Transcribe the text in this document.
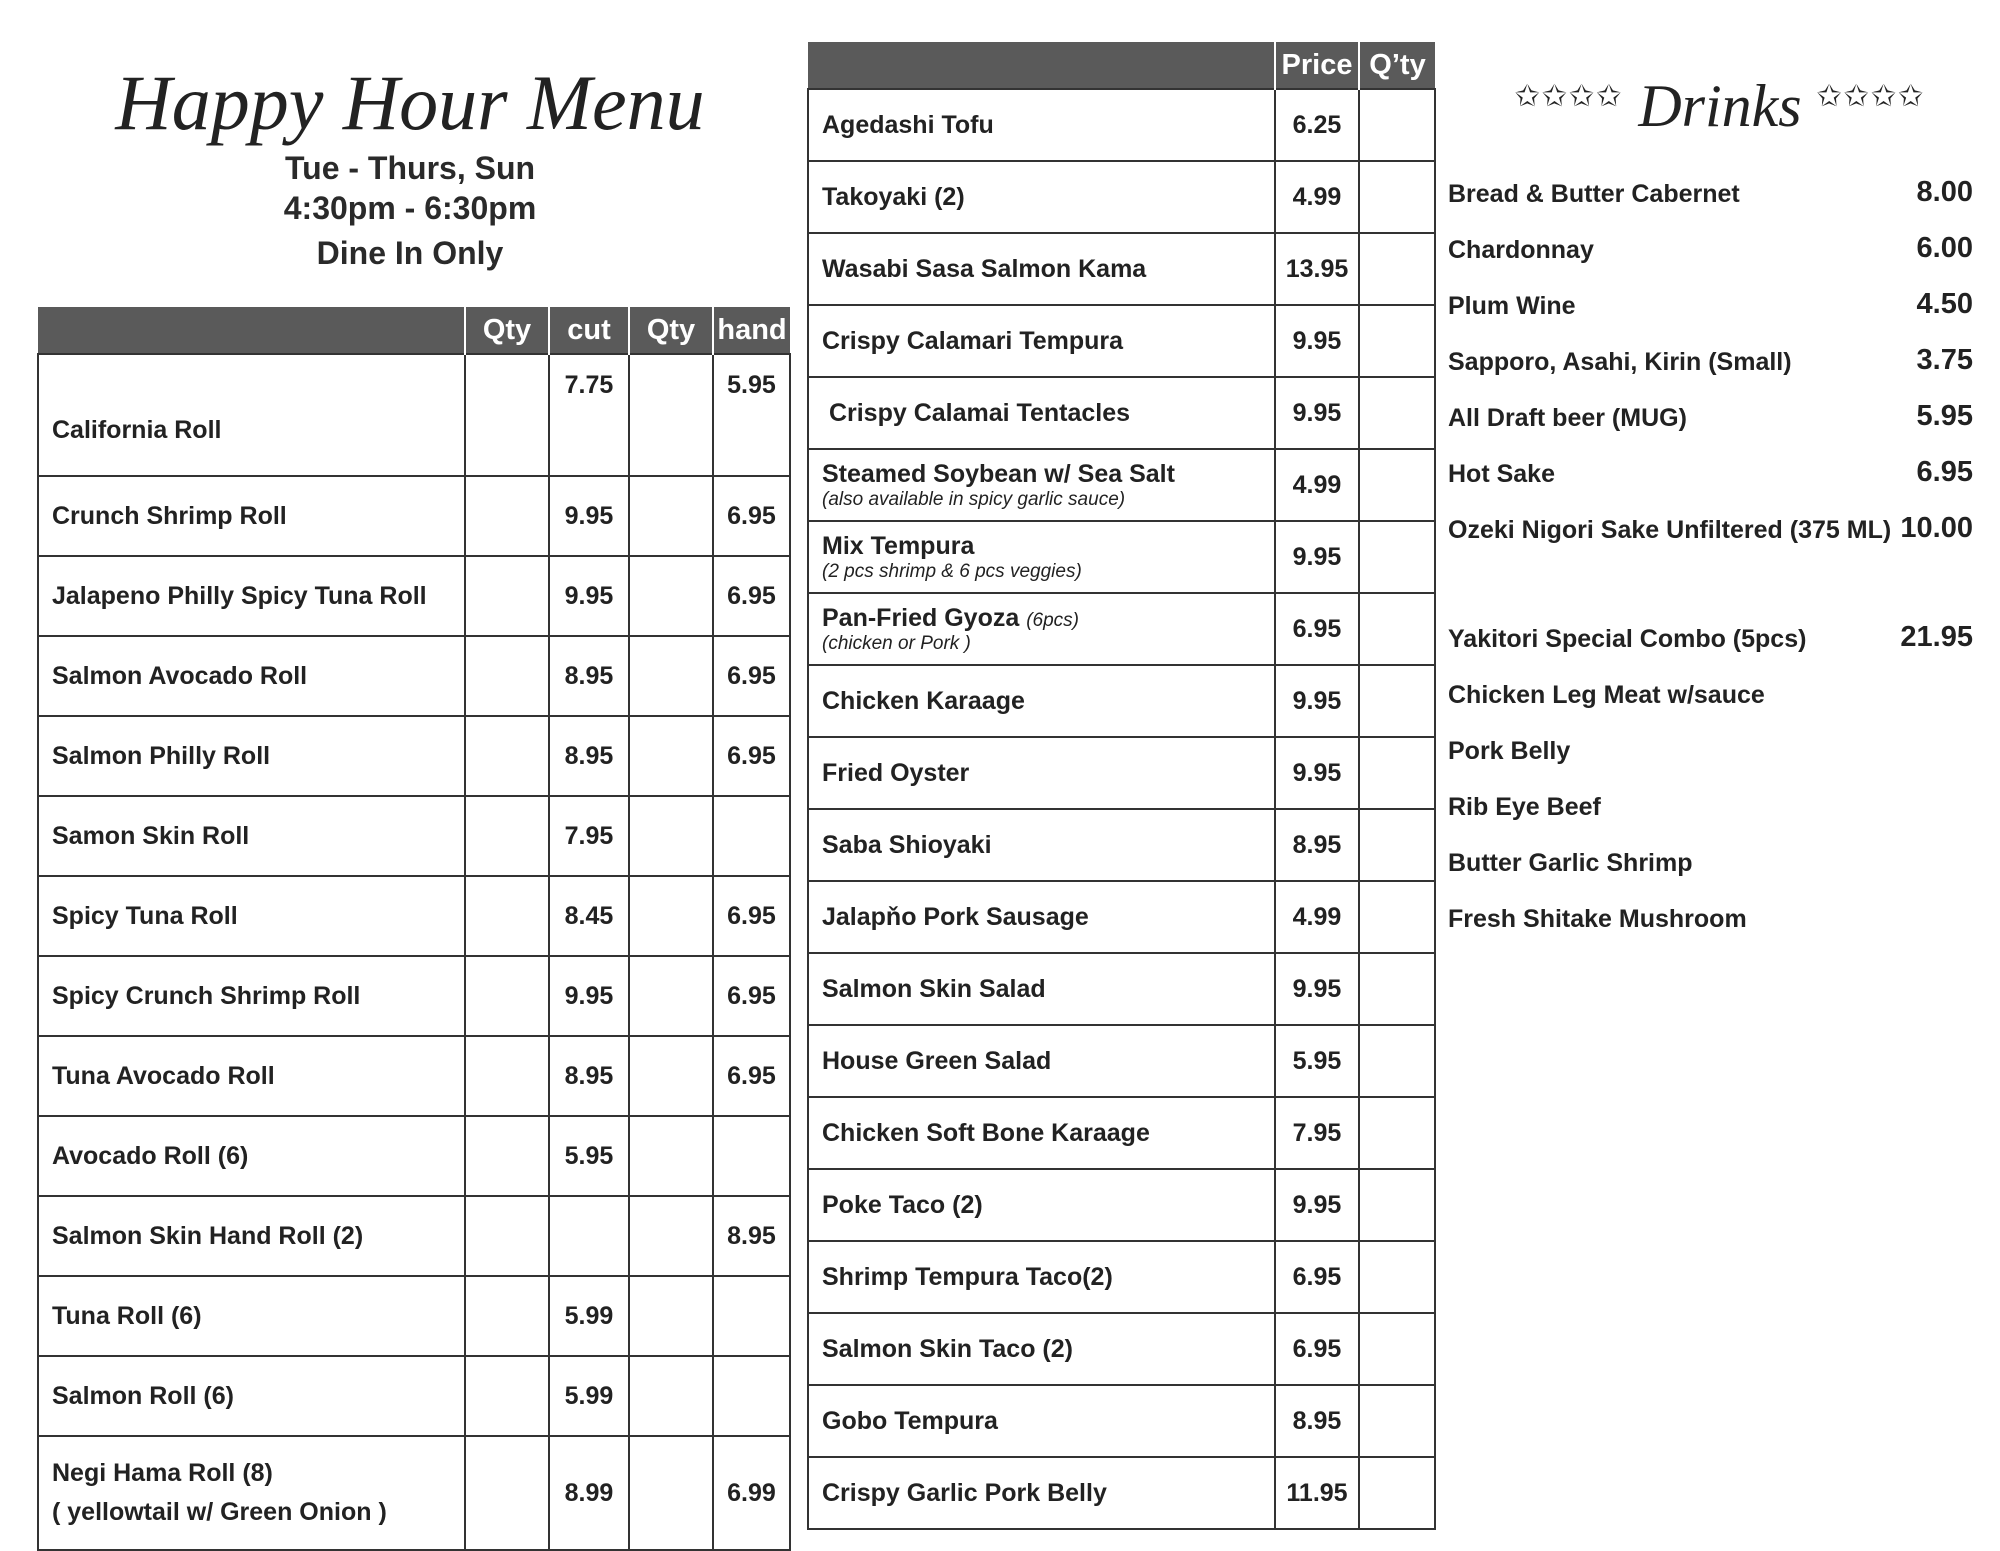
Happy Hour Menu
Tue - Thurs, Sun
4:30pm - 6:30pm
Dine In Only
	Qty	cut	Qty	hand
California Roll		7.75		5.95
Crunch Shrimp Roll		9.95		6.95
Jalapeno Philly Spicy Tuna Roll		9.95		6.95
Salmon Avocado Roll		8.95		6.95
Salmon Philly Roll		8.95		6.95
Samon Skin Roll		7.95		
Spicy Tuna Roll		8.45		6.95
Spicy Crunch Shrimp Roll		9.95		6.95
Tuna Avocado Roll		8.95		6.95
Avocado Roll (6)		5.95		
Salmon Skin Hand Roll (2)				8.95
Tuna Roll (6)		5.99		
Salmon Roll (6)		5.99		
Negi Hama Roll (8)
( yellowtail w/ Green Onion )		8.99		6.99
	Price	Q’ty
Agedashi Tofu	6.25	
Takoyaki (2)	4.99	
Wasabi Sasa Salmon Kama	13.95	
Crispy Calamari Tempura	9.95	
Crispy Calamai Tentacles	9.95	
Steamed Soybean w/ Sea Salt
(also available in spicy garlic sauce)	4.99	
Mix Tempura
(2 pcs shrimp & 6 pcs veggies)	9.95	
Pan-Fried Gyoza (6pcs)
(chicken or Pork )	6.95	
Chicken Karaage	9.95	
Fried Oyster	9.95	
Saba Shioyaki	8.95	
Jalapňo Pork Sausage	4.99	
Salmon Skin Salad	9.95	
House Green Salad	5.95	
Chicken Soft Bone Karaage	7.95	
Poke Taco (2)	9.95	
Shrimp Tempura Taco(2)	6.95	
Salmon Skin Taco (2)	6.95	
Gobo Tempura	8.95	
Crispy Garlic Pork Belly	11.95	
✩✩✩✩ Drinks ✩✩✩✩
Bread & Butter Cabernet	8.00
Chardonnay	6.00
Plum Wine	4.50
Sapporo, Asahi, Kirin (Small)	3.75
All Draft beer (MUG)	5.95
Hot Sake	6.95
Ozeki Nigori Sake Unfiltered (375 ML) 10.00
Yakitori Special Combo (5pcs)	21.95
Chicken Leg Meat w/sauce
Pork Belly
Rib Eye Beef
Butter Garlic Shrimp
Fresh Shitake Mushroom
